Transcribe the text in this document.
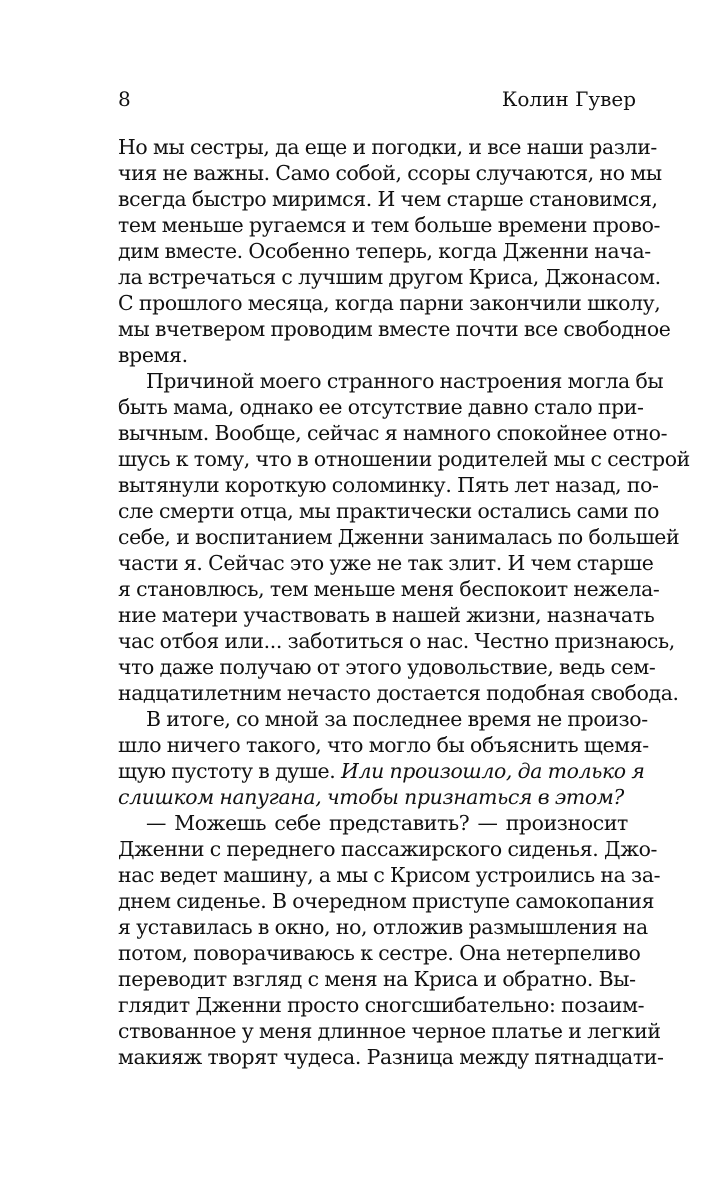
8	Колин Гувер

Но мы сестры, да еще и погодки, и все наши разли-
чия не важны. Само собой, ссоры случаются, но мы
всегда быстро миримся. И чем старше становимся,
тем меньше ругаемся и тем больше времени прово-
дим вместе. Особенно теперь, когда Дженни нача-
ла встречаться с лучшим другом Криса, Джонасом.
С прошлого месяца, когда парни закончили школу,
мы вчетвером проводим вместе почти все свободное
время.

Причиной моего странного настроения могла бы
быть мама, однако ее отсутствие давно стало при-
вычным. Вообще, сейчас я намного спокойнее отно-
шусь к тому, что в отношении родителей мы с сестрой
вытянули короткую соломинку. Пять лет назад, по-
сле смерти отца, мы практически остались сами по
себе, и воспитанием Дженни занималась по большей
части я. Сейчас это уже не так злит. И чем старше
я становлюсь, тем меньше меня беспокоит нежела-
ние матери участвовать в нашей жизни, назначать
час отбоя или... заботиться о нас. Честно признаюсь,
что даже получаю от этого удовольствие, ведь сем-
надцатилетним нечасто достается подобная свобода.

В итоге, со мной за последнее время не произо-
шло ничего такого, что могло бы объяснить щемя-
щую пустоту в душе. Или произошло, да только я
слишком напугана, чтобы признаться в этом?

— Можешь себе представить? — произносит
Дженни с переднего пассажирского сиденья. Джо-
нас ведет машину, а мы с Крисом устроились на за-
днем сиденье. В очередном приступе самокопания
я уставилась в окно, но, отложив размышления на
потом, поворачиваюсь к сестре. Она нетерпеливо
переводит взгляд с меня на Криса и обратно. Вы-
глядит Дженни просто сногсшибательно: позаим-
ствованное у меня длинное черное платье и легкий
макияж творят чудеса. Разница между пятнадцати-
